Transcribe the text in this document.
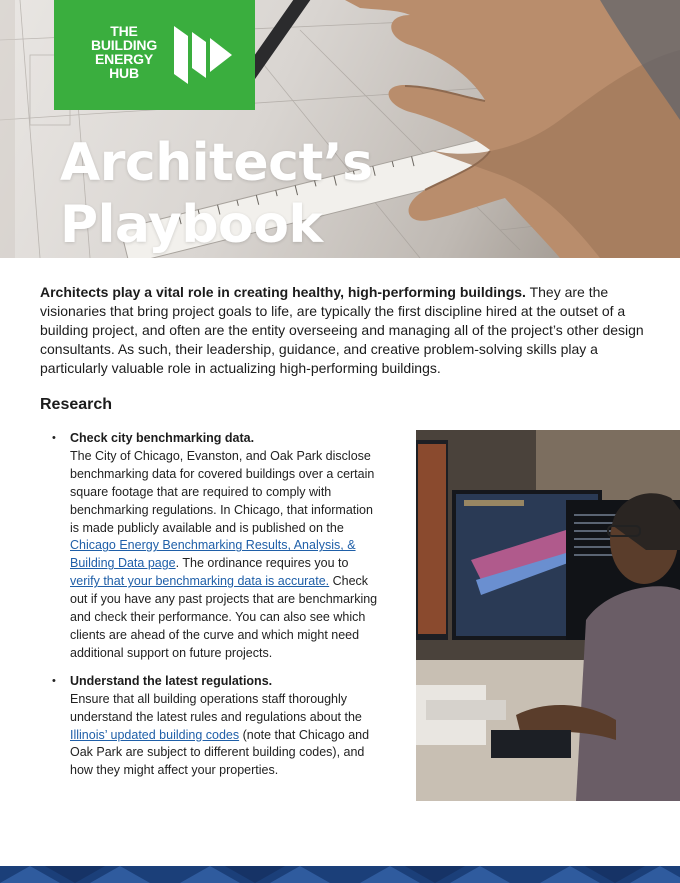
THE
BUILDING
ENERGY
HUB
Architect’s
Playbook

Architects play a vital role in creating healthy, high-performing buildings. They are the visionaries that bring project goals to life, are typically the first discipline hired at the outset of a building project, and often are the entity overseeing and managing all of the project’s other design consultants. As such, their leadership, guidance, and creative problem-solving skills play a particularly valuable role in actualizing high-performing buildings.

Research
• Check city benchmarking data.
The City of Chicago, Evanston, and Oak Park disclose benchmarking data for covered buildings over a certain square footage that are required to comply with benchmarking regulations. In Chicago, that information is made publicly available and is published on the Chicago Energy Benchmarking Results, Analysis, & Building Data page. The ordinance requires you to verify that your benchmarking data is accurate. Check out if you have any past projects that are benchmarking and check their performance. You can also see which clients are ahead of the curve and which might need additional support on future projects.
• Understand the latest regulations.
Ensure that all building operations staff thoroughly understand the latest rules and regulations about the Illinois’ updated building codes (note that Chicago and Oak Park are subject to different building codes), and how they might affect your properties.
